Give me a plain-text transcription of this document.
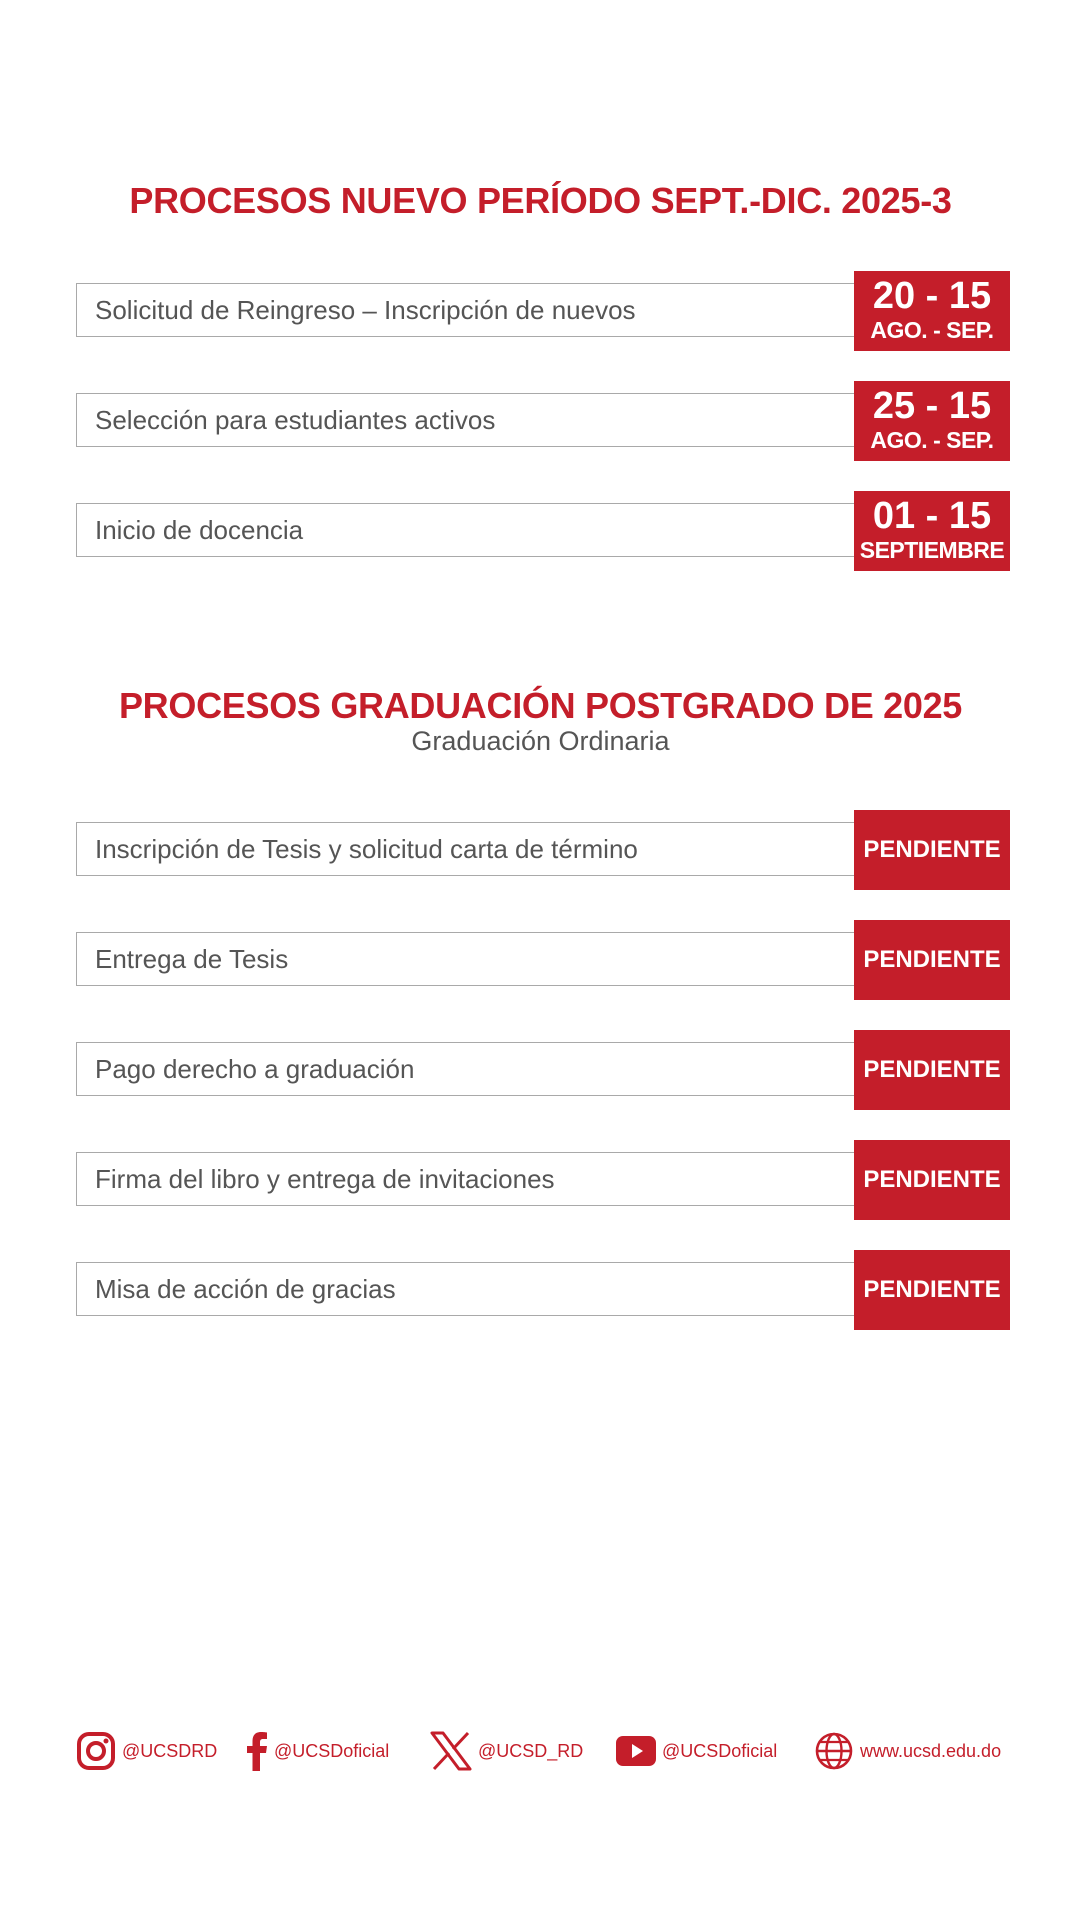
PROCESOS NUEVO PERÍODO SEPT.-DIC. 2025-3
Solicitud de Reingreso – Inscripción de nuevos	20 - 15
AGO. - SEP.
Selección para estudiantes activos	25 - 15
AGO. - SEP.
Inicio de docencia	01 - 15
SEPTIEMBRE
PROCESOS GRADUACIÓN POSTGRADO DE 2025
Graduación Ordinaria
Inscripción de Tesis y solicitud carta de término	PENDIENTE
Entrega de Tesis	PENDIENTE
Pago derecho a graduación	PENDIENTE
Firma del libro y entrega de invitaciones	PENDIENTE
Misa de acción de gracias	PENDIENTE
@UCSDRD	@UCSDoficial	@UCSD_RD	@UCSDoficial	www.ucsd.edu.do
